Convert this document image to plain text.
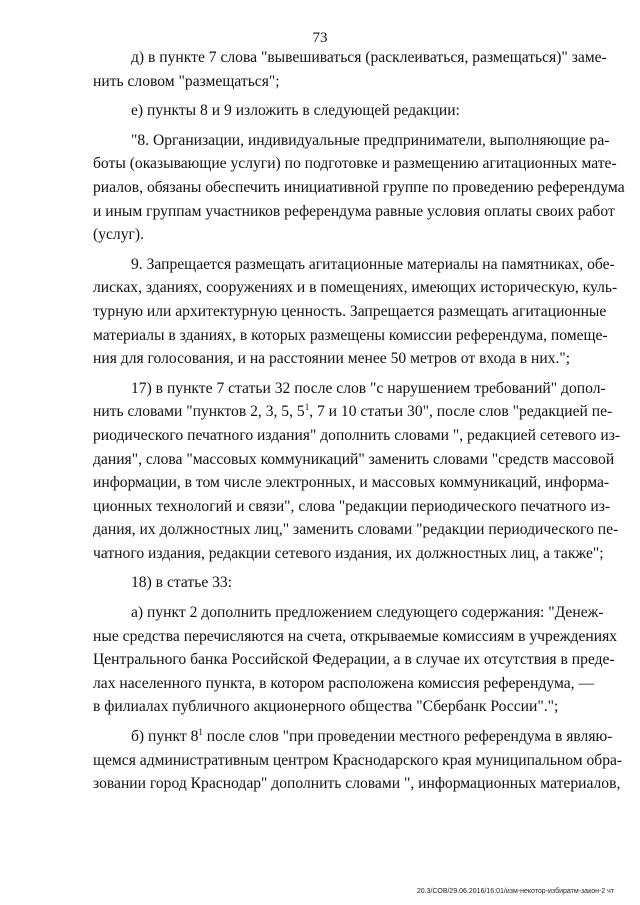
73

д) в пункте 7 слова "вывешиваться (расклеиваться, размещаться)" заме-
нить словом "размещаться";

е) пункты 8 и 9 изложить в следующей редакции:

"8. Организации, индивидуальные предприниматели, выполняющие ра-
боты (оказывающие услуги) по подготовке и размещению агитационных мате-
риалов, обязаны обеспечить инициативной группе по проведению референдума
и иным группам участников референдума равные условия оплаты своих работ
(услуг).

9. Запрещается размещать агитационные материалы на памятниках, обе-
лисках, зданиях, сооружениях и в помещениях, имеющих историческую, куль-
турную или архитектурную ценность. Запрещается размещать агитационные
материалы в зданиях, в которых размещены комиссии референдума, помеще-
ния для голосования, и на расстоянии менее 50 метров от входа в них.";

17) в пункте 7 статьи 32 после слов "с нарушением требований" допол-
нить словами "пунктов 2, 3, 5, $5^1$, 7 и 10 статьи 30", после слов "редакцией пе-
риодического печатного издания" дополнить словами ", редакцией сетевого из-
дания", слова "массовых коммуникаций" заменить словами "средств массовой
информации, в том числе электронных, и массовых коммуникаций, информа-
ционных технологий и связи", слова "редакции периодического печатного из-
дания, их должностных лиц," заменить словами "редакции периодического пе-
чатного издания, редакции сетевого издания, их должностных лиц, а также";

18) в статье 33:

а) пункт 2 дополнить предложением следующего содержания: "Денеж-
ные средства перечисляются на счета, открываемые комиссиям в учреждениях
Центрального банка Российской Федерации, а в случае их отсутствия в преде-
лах населенного пункта, в котором расположена комиссия референдума, —
в филиалах публичного акционерного общества "Сбербанк России".";

б) пункт $8^1$ после слов "при проведении местного референдума в являю-
щемся административным центром Краснодарского края муниципальном обра-
зовании город Краснодар" дополнить словами ", информационных материалов,

20.3/СОВ/29.06.2016/16:01/изм-некотор-избиратм-закон-2 чт
